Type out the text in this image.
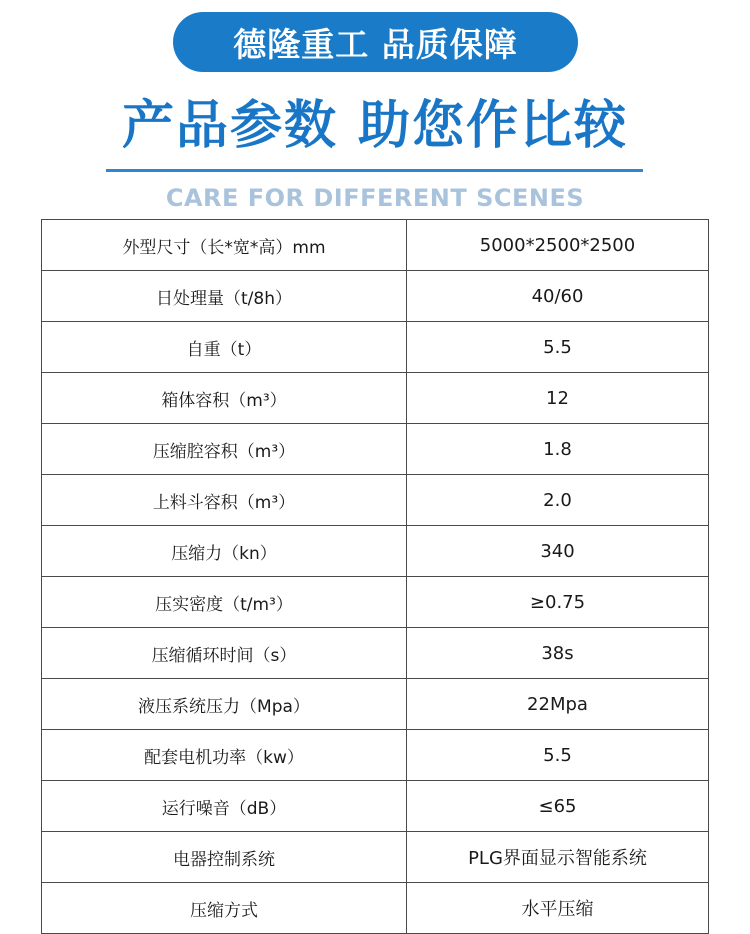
德隆重工 品质保障
产品参数 助您作比较
CARE FOR DIFFERENT SCENES
外型尺寸（长*宽*高）mm	5000*2500*2500
日处理量（t/8h）	40/60
自重（t）	5.5
箱体容积（m³）	12
压缩腔容积（m³）	1.8
上料斗容积（m³）	2.0
压缩力（kn）	340
压实密度（t/m³）	≥0.75
压缩循环时间（s）	38s
液压系统压力（Mpa）	22Mpa
配套电机功率（kw）	5.5
运行噪音（dB）	≤65
电器控制系统	PLG界面显示智能系统
压缩方式	水平压缩
